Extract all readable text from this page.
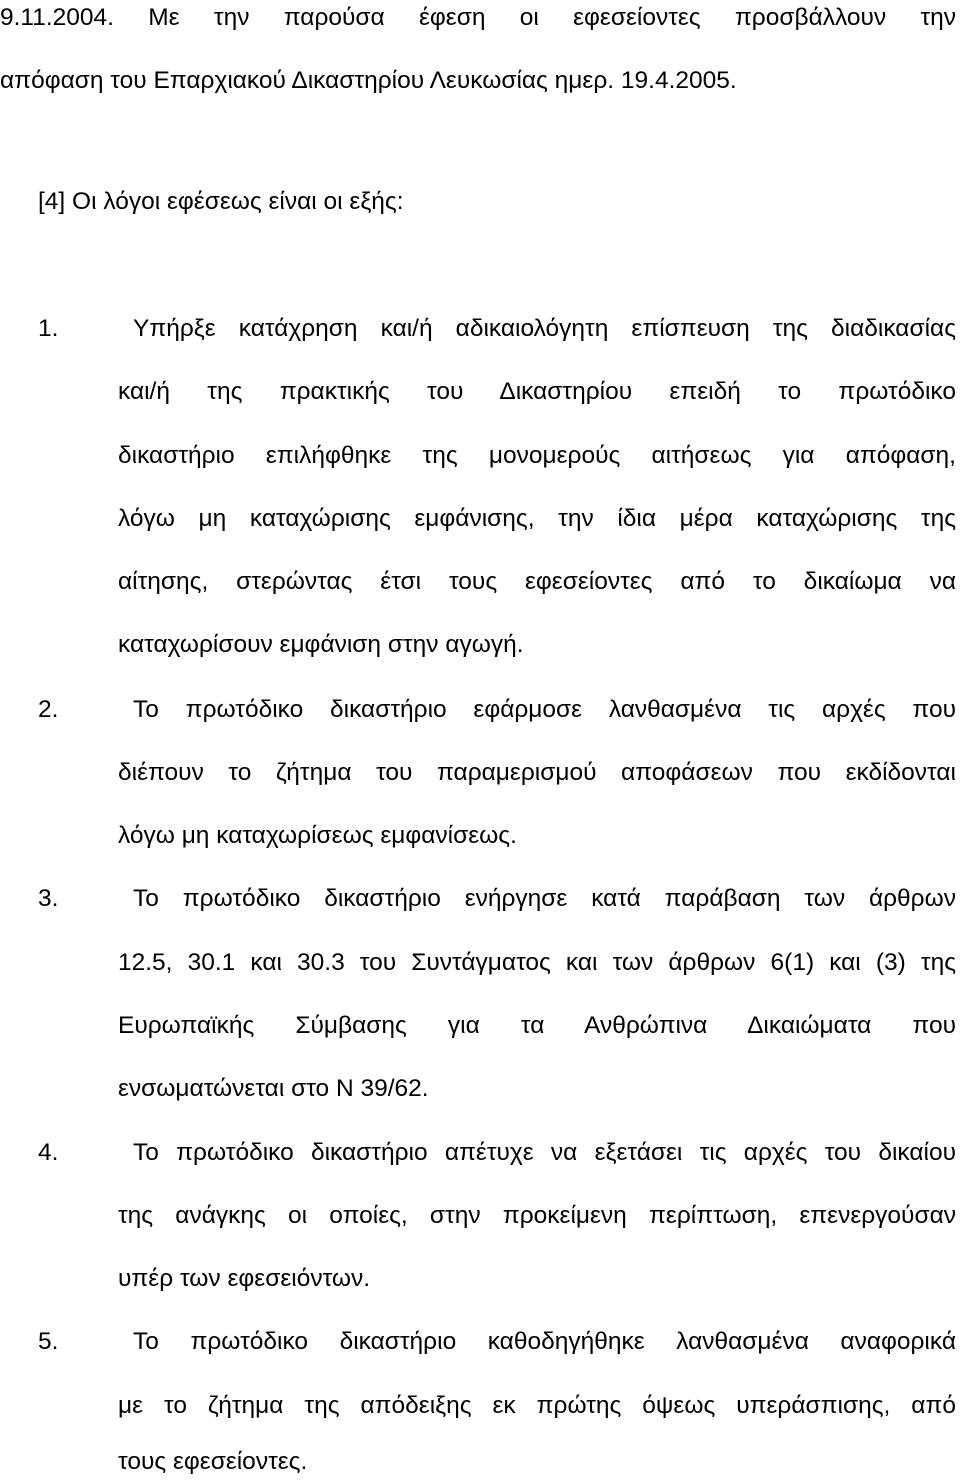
9.11.2004. Με την παρούσα έφεση οι εφεσείοντες προσβάλλουν την
απόφαση του Επαρχιακού Δικαστηρίου Λευκωσίας ημερ. 19.4.2005.
[4] Οι λόγοι εφέσεως είναι οι εξής:
1.	Υπήρξε κατάχρηση και/ή αδικαιολόγητη επίσπευση της διαδικασίας
και/ή της πρακτικής του Δικαστηρίου επειδή το πρωτόδικο
δικαστήριο επιλήφθηκε της μονομερούς αιτήσεως για απόφαση,
λόγω μη καταχώρισης εμφάνισης, την ίδια μέρα καταχώρισης της
αίτησης, στερώντας έτσι τους εφεσείοντες από το δικαίωμα να
καταχωρίσουν εμφάνιση στην αγωγή.
2.	Το πρωτόδικο δικαστήριο εφάρμοσε λανθασμένα τις αρχές που
διέπουν το ζήτημα του παραμερισμού αποφάσεων που εκδίδονται
λόγω μη καταχωρίσεως εμφανίσεως.
3.	Το πρωτόδικο δικαστήριο ενήργησε κατά παράβαση των άρθρων
12.5, 30.1 και 30.3 του Συντάγματος και των άρθρων 6(1) και (3) της
Ευρωπαϊκής Σύμβασης για τα Ανθρώπινα Δικαιώματα που
ενσωματώνεται στο Ν 39/62.
4.	Το πρωτόδικο δικαστήριο απέτυχε να εξετάσει τις αρχές του δικαίου
της ανάγκης οι οποίες, στην προκείμενη περίπτωση, επενεργούσαν
υπέρ των εφεσειόντων.
5.	Το πρωτόδικο δικαστήριο καθοδηγήθηκε λανθασμένα αναφορικά
με το ζήτημα της απόδειξης εκ πρώτης όψεως υπεράσπισης, από
τους εφεσείοντες.
